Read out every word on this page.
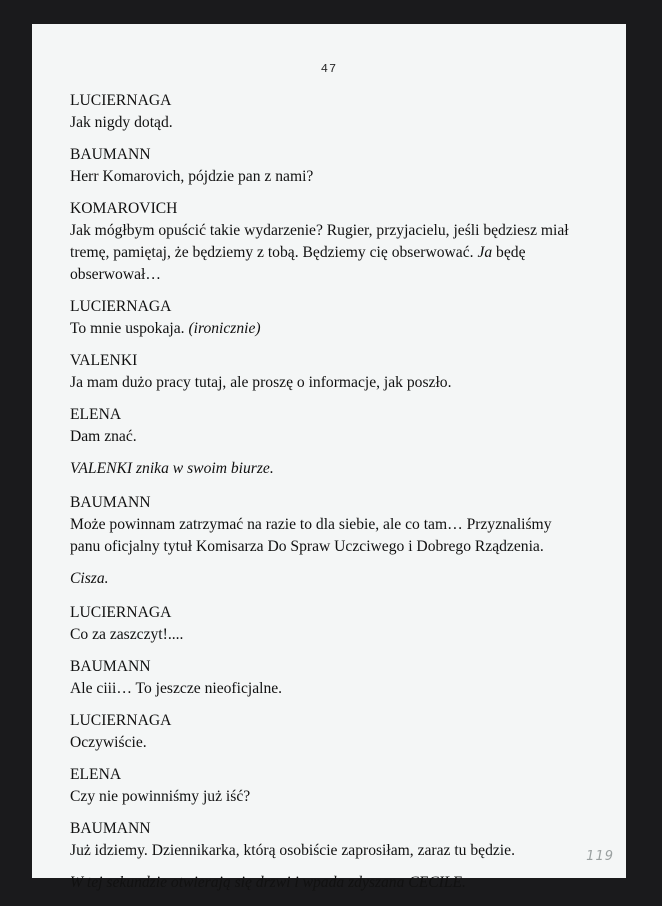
47
LUCIERNAGA
Jak nigdy dotąd.
BAUMANN
Herr Komarovich, pójdzie pan z nami?
KOMAROVICH
Jak mógłbym opuścić takie wydarzenie? Rugier, przyjacielu, jeśli będziesz miał
tremę, pamiętaj, że będziemy z tobą. Będziemy cię obserwować. Ja będę
obserwował…
LUCIERNAGA
To mnie uspokaja. (ironicznie)
VALENKI
Ja mam dużo pracy tutaj, ale proszę o informacje, jak poszło.
ELENA
Dam znać.
VALENKI znika w swoim biurze.
BAUMANN
Może powinnam zatrzymać na razie to dla siebie, ale co tam… Przyznaliśmy
panu oficjalny tytuł Komisarza Do Spraw Uczciwego i Dobrego Rządzenia.
Cisza.
LUCIERNAGA
Co za zaszczyt!....
BAUMANN
Ale ciii… To jeszcze nieoficjalne.
LUCIERNAGA
Oczywiście.
ELENA
Czy nie powinniśmy już iść?
BAUMANN
Już idziemy. Dziennikarka, którą osobiście zaprosiłam, zaraz tu będzie.
W tej sekundzie otwierają się drzwi i wpada zdyszana CECILE.
119
